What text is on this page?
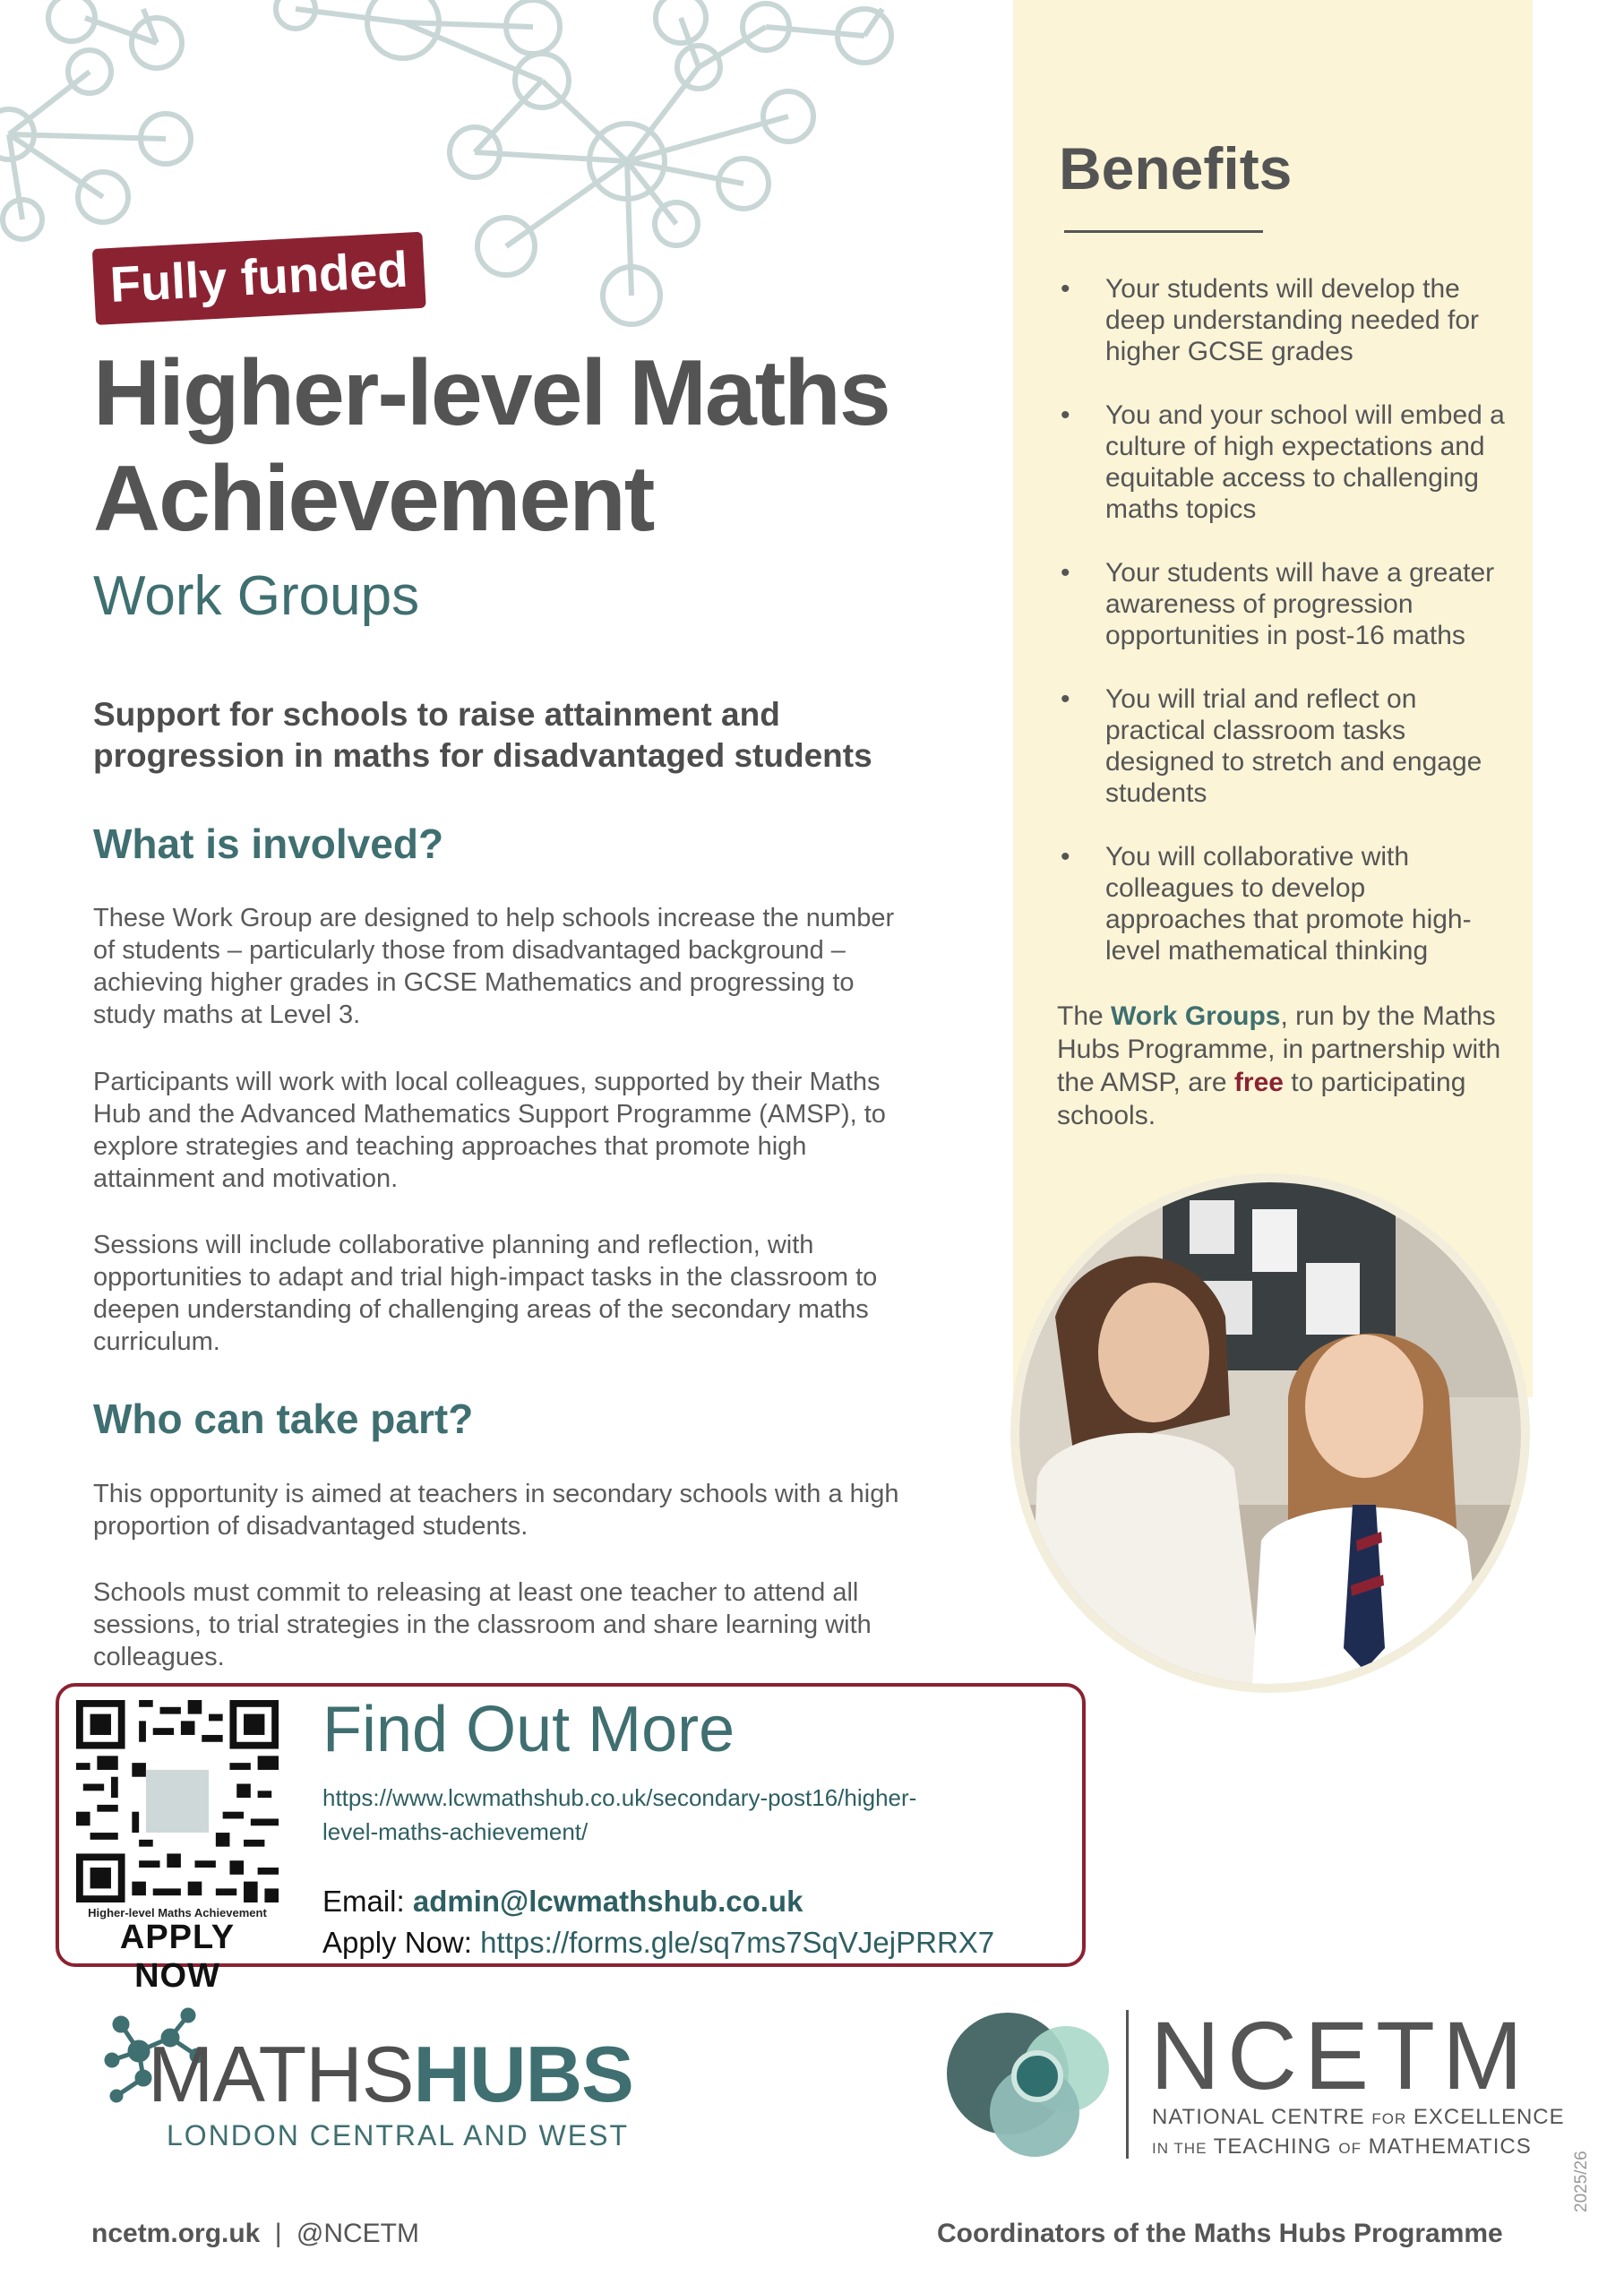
Fully funded
Higher-level Maths
Achievement
Work Groups
Support for schools to raise attainment and progression in maths for disadvantaged students
What is involved?
These Work Group are designed to help schools increase the number of students – particularly those from disadvantaged background – achieving higher grades in GCSE Mathematics and progressing to study maths at Level 3.
Participants will work with local colleagues, supported by their Maths Hub and the Advanced Mathematics Support Programme (AMSP), to explore strategies and teaching approaches that promote high attainment and motivation.
Sessions will include collaborative planning and reflection, with opportunities to adapt and trial high-impact tasks in the classroom to deepen understanding of challenging areas of the secondary maths curriculum.
Who can take part?
This opportunity is aimed at teachers in secondary schools with a high proportion of disadvantaged students.
Schools must commit to releasing at least one teacher to attend all sessions, to trial strategies in the classroom and share learning with colleagues.
Benefits
• Your students will develop the deep understanding needed for higher GCSE grades
• You and your school will embed a culture of high expectations and equitable access to challenging maths topics
• Your students will have a greater awareness of progression opportunities in post-16 maths
• You will trial and reflect on practical classroom tasks designed to stretch and engage students
• You will collaborative with colleagues to develop approaches that promote high-level mathematical thinking
The Work Groups, run by the Maths Hubs Programme, in partnership with the AMSP, are free to participating schools.
Higher-level Maths Achievement
APPLY NOW
Find Out More
https://www.lcwmathshub.co.uk/secondary-post16/higher-level-maths-achievement/
Email: admin@lcwmathshub.co.uk
Apply Now: https://forms.gle/sq7ms7SqVJejPRRX7
MATHSHUBS
LONDON CENTRAL AND WEST
NCETM
NATIONAL CENTRE FOR EXCELLENCE
IN THE TEACHING OF MATHEMATICS
ncetm.org.uk | @NCETM	Coordinators of the Maths Hubs Programme
2025/26
